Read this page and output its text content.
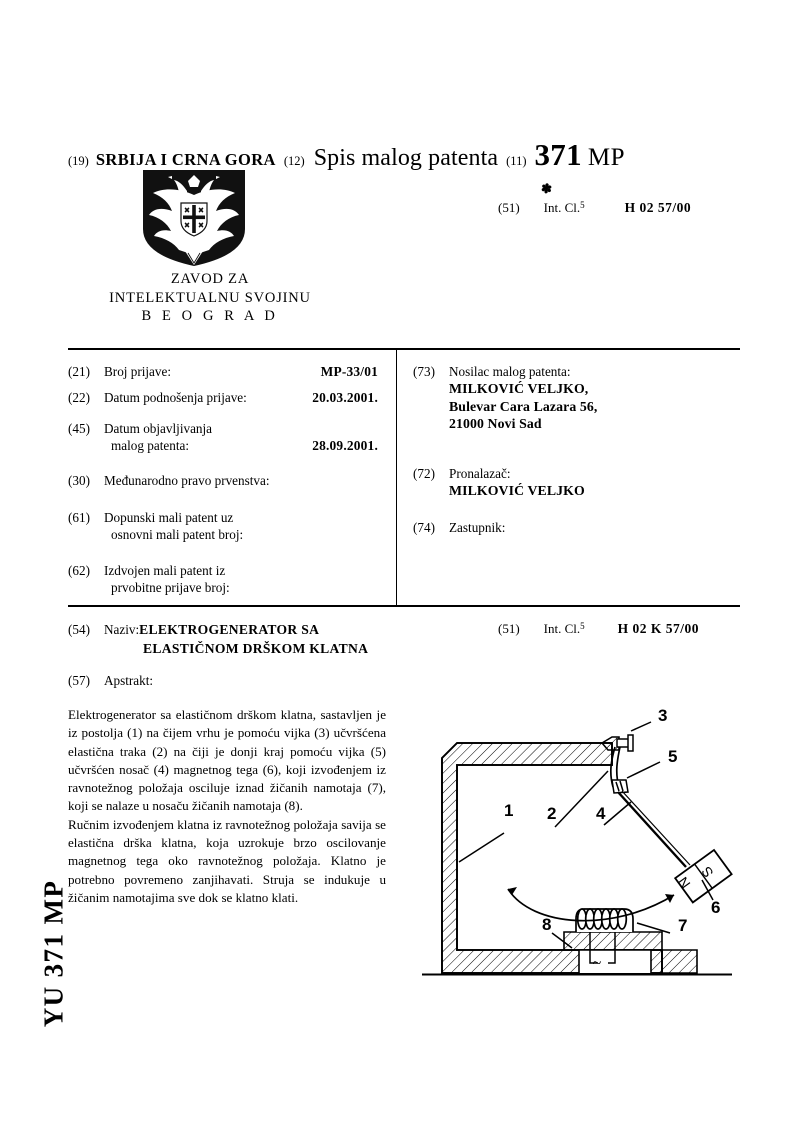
(19) SRBIJA I CRNA GORA (12) Spis malog patenta (11) 371 MP
ZAVOD ZA
INTELEKTUALNU SVOJINU
B E O G R A D
✽
(51) Int. Cl. 5	H 02 57/00
(21) Broj prijave:	MP-33/01
(22) Datum podnošenja prijave:	20.03.2001.
(45) Datum objavljivanja
malog patenta:	28.09.2001.
(30) Međunarodno pravo prvenstva:
(61) Dopunski mali patent uz
osnovni mali patent broj:
(62) Izdvojen mali patent iz
prvobitne prijave broj:
(73) Nosilac malog patenta:
MILKOVIĆ VELJKO,
Bulevar Cara Lazara 56,
21000 Novi Sad
(72) Pronalazač:
MILKOVIĆ VELJKO
(74) Zastupnik:
(54) Naziv:ELEKTROGENERATOR SA
ELASTIČNOM DRŠKOM KLATNA
(51) Int. Cl. 5 H 02 K 57/00
(57) Apstrakt:

Elektrogenerator sa elastičnom drškom klatna, sastavljen je iz postolja (1) na čijem vrhu je pomoću vijka (3) učvršćena elastična traka (2) na čiji je donji kraj pomoću vijka (5) učvršćen nosač (4) magnetnog tega (6), koji izvođenjem iz ravnotežnog položaja osciluje iznad žičanih namotaja (7), koji se nalaze u nosaču žičanih namotaja (8).

Ručnim izvođenjem klatna iz ravnotežnog položaja savija se elastična drška klatna, koja uzrokuje brzo oscilovanje magnetnog tega oko ravnotežnog položaja. Klatno je potrebno povremeno zanjihavati. Struja se indukuje u žičanim namotajima sve dok se klatno klati.

YU 371 MP
1 2
3
4
5
6
7
8
N
S
~
